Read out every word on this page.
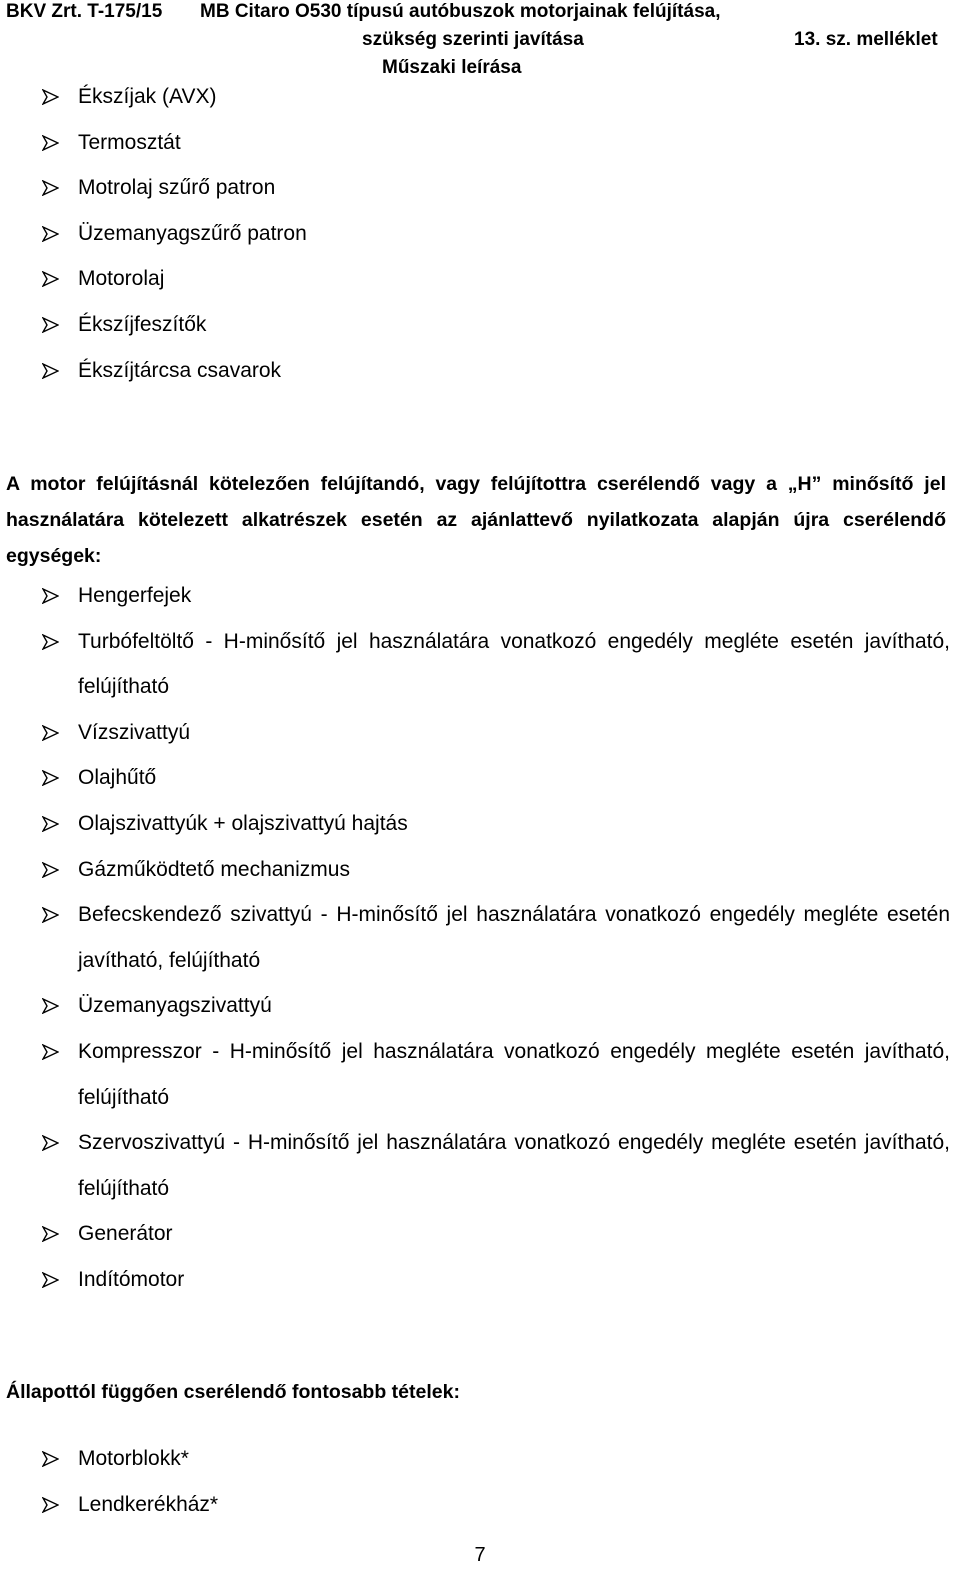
BKV Zrt. T-175/15 MB Citaro O530 típusú autóbuszok motorjainak felújítása,
szükség szerinti javítása	13. sz. melléklet
Műszaki leírása
Ékszíjak (AVX)
Termosztát
Motrolaj szűrő patron
Üzemanyagszűrő patron
Motorolaj
Ékszíjfeszítők
Ékszíjtárcsa csavarok

A motor felújításnál kötelezően felújítandó, vagy felújítottra cserélendő vagy a „H” minősítő jel használatára kötelezett alkatrészek esetén az ajánlattevő nyilatkozata alapján újra cserélendő egységek:

Hengerfejek
Turbófeltöltő - H-minősítő jel használatára vonatkozó engedély megléte esetén javítható, felújítható
Vízszivattyú
Olajhűtő
Olajszivattyúk + olajszivattyú hajtás
Gázműködtető mechanizmus
Befecskendező szivattyú - H-minősítő jel használatára vonatkozó engedély megléte esetén javítható, felújítható
Üzemanyagszivattyú
Kompresszor - H-minősítő jel használatára vonatkozó engedély megléte esetén javítható, felújítható
Szervoszivattyú - H-minősítő jel használatára vonatkozó engedély megléte esetén javítható, felújítható
Generátor
Indítómotor

Állapottól függően cserélendő fontosabb tételek:

Motorblokk*
Lendkerékház*
7
